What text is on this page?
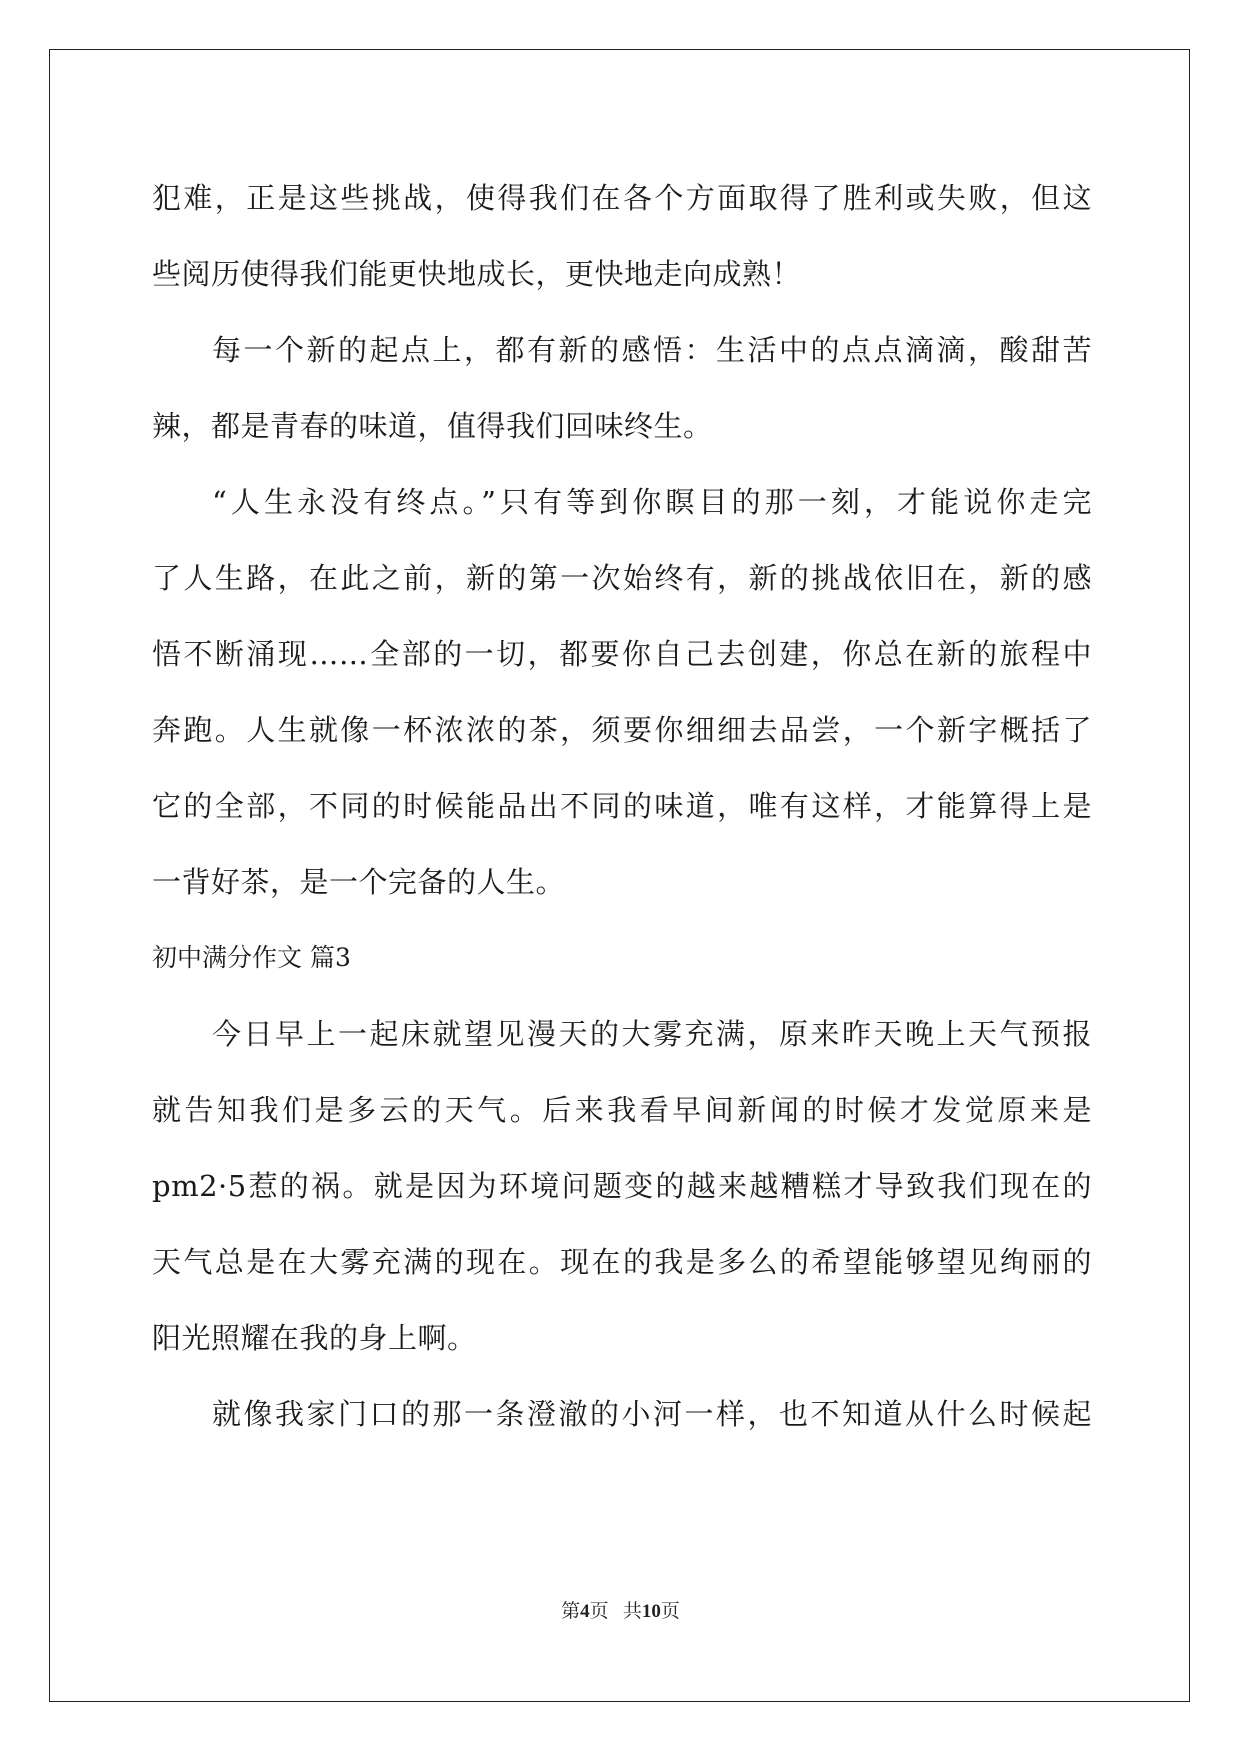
犯难，正是这些挑战，使得我们在各个方面取得了胜利或失败，但这
些阅历使得我们能更快地成长，更快地走向成熟！
每一个新的起点上，都有新的感悟：生活中的点点滴滴，酸甜苦
辣，都是青春的味道，值得我们回味终生。
“人生永没有终点。”只有等到你瞑目的那一刻，才能说你走完
了人生路，在此之前，新的第一次始终有，新的挑战依旧在，新的感
悟不断涌现……全部的一切，都要你自己去创建，你总在新的旅程中
奔跑。人生就像一杯浓浓的茶，须要你细细去品尝，一个新字概括了
它的全部，不同的时候能品出不同的味道，唯有这样，才能算得上是
一背好茶，是一个完备的人生。
初中满分作文 篇3
今日早上一起床就望见漫天的大雾充满，原来昨天晚上天气预报
就告知我们是多云的天气。后来我看早间新闻的时候才发觉原来是
pm2·5惹的祸。就是因为环境问题变的越来越糟糕才导致我们现在的
天气总是在大雾充满的现在。现在的我是多么的希望能够望见绚丽的
阳光照耀在我的身上啊。
就像我家门口的那一条澄澈的小河一样，也不知道从什么时候起
第4页 共10页
